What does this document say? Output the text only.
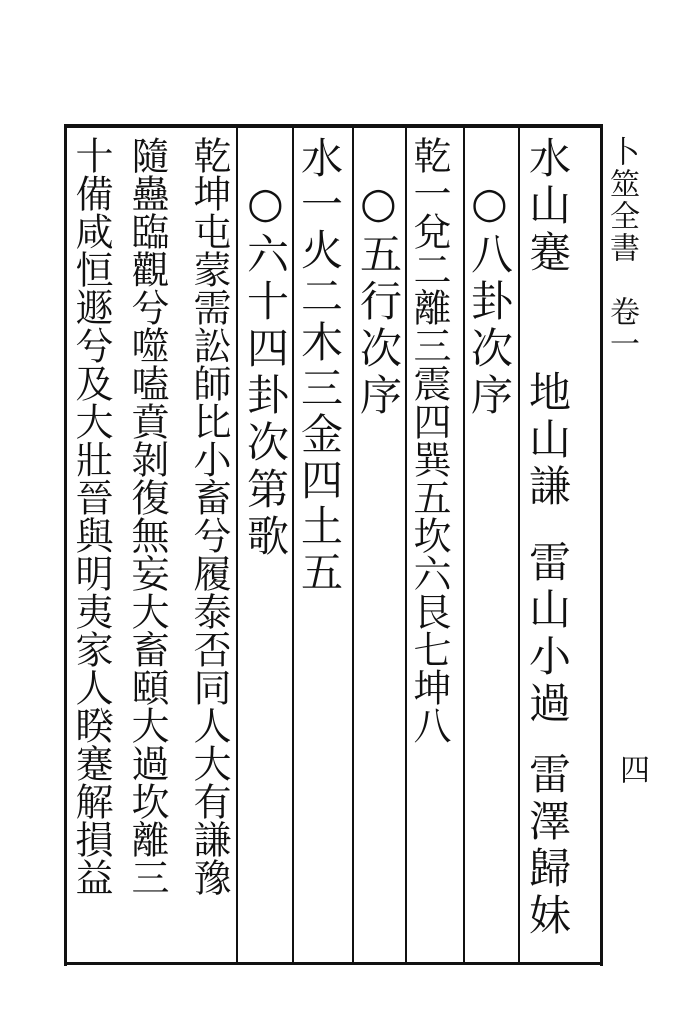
卜筮全書　卷一
四
水山蹇
地山謙
雷山小過
雷澤歸妹
○八卦次序
乾一兌二離三震四巽五坎六艮七坤八
○五行次序
水一火二木三金四土五
○六十四卦次第歌
乾坤屯蒙需訟師比小畜兮履泰否同人大有謙豫
隨蠱臨觀兮噬嗑賁剝復無妄大畜頤大過坎離三
十備咸恒遯兮及大壯晉與明夷家人睽蹇解損益
